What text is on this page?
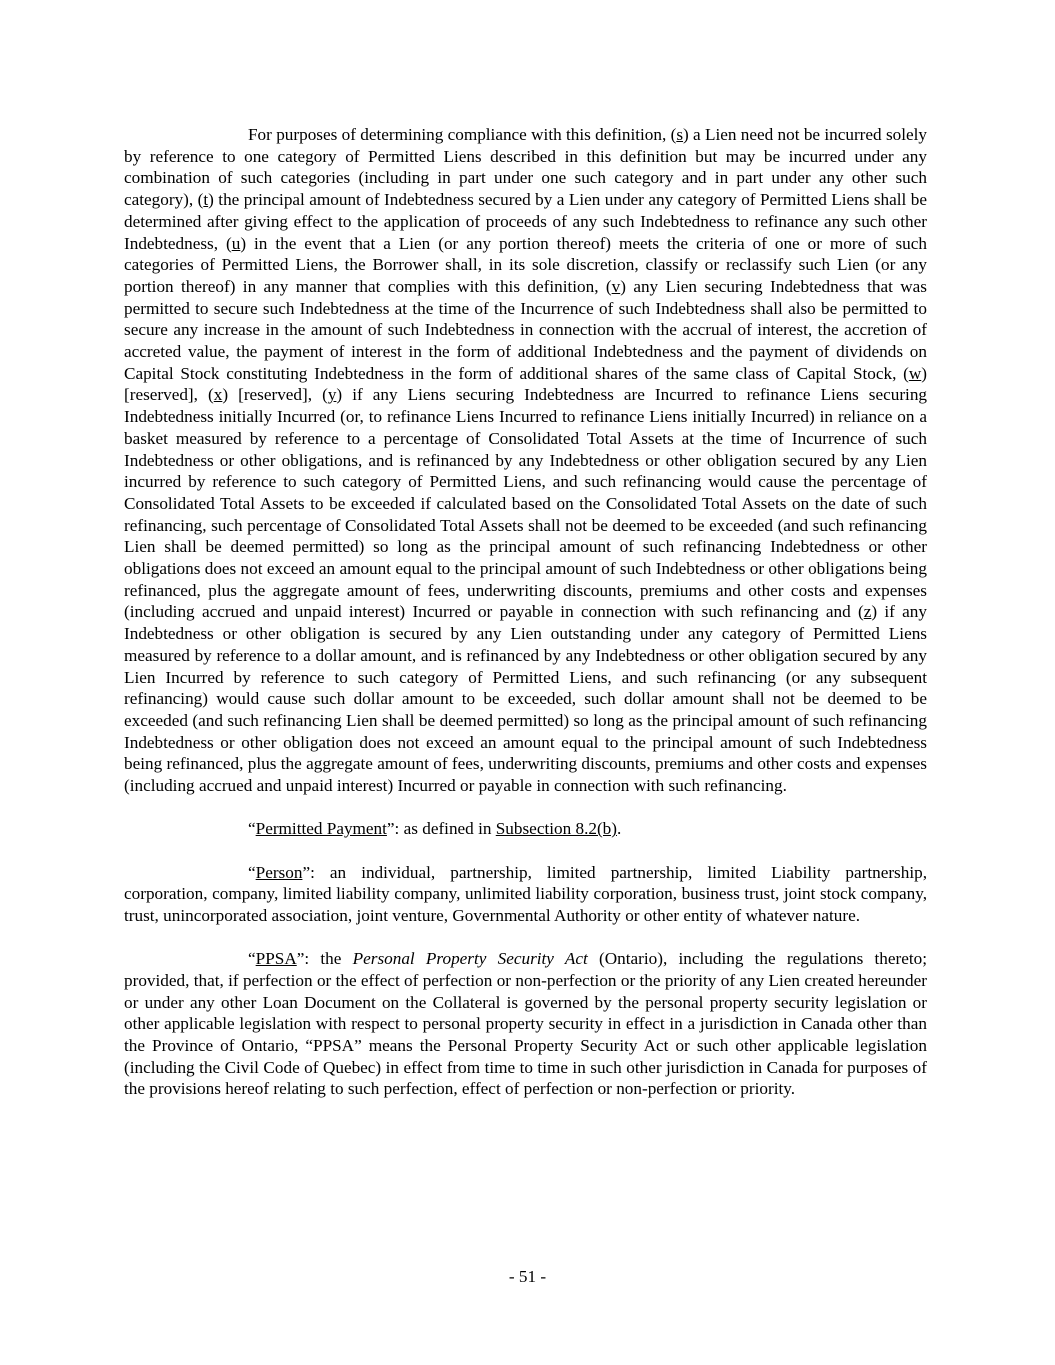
For purposes of determining compliance with this definition, (s) a Lien need not be incurred solely by reference to one category of Permitted Liens described in this definition but may be incurred under any combination of such categories (including in part under one such category and in part under any other such category), (t) the principal amount of Indebtedness secured by a Lien under any category of Permitted Liens shall be determined after giving effect to the application of proceeds of any such Indebtedness to refinance any such other Indebtedness, (u) in the event that a Lien (or any portion thereof) meets the criteria of one or more of such categories of Permitted Liens, the Borrower shall, in its sole discretion, classify or reclassify such Lien (or any portion thereof) in any manner that complies with this definition, (v) any Lien securing Indebtedness that was permitted to secure such Indebtedness at the time of the Incurrence of such Indebtedness shall also be permitted to secure any increase in the amount of such Indebtedness in connection with the accrual of interest, the accretion of accreted value, the payment of interest in the form of additional Indebtedness and the payment of dividends on Capital Stock constituting Indebtedness in the form of additional shares of the same class of Capital Stock, (w) [reserved], (x) [reserved], (y) if any Liens securing Indebtedness are Incurred to refinance Liens securing Indebtedness initially Incurred (or, to refinance Liens Incurred to refinance Liens initially Incurred) in reliance on a basket measured by reference to a percentage of Consolidated Total Assets at the time of Incurrence of such Indebtedness or other obligations, and is refinanced by any Indebtedness or other obligation secured by any Lien incurred by reference to such category of Permitted Liens, and such refinancing would cause the percentage of Consolidated Total Assets to be exceeded if calculated based on the Consolidated Total Assets on the date of such refinancing, such percentage of Consolidated Total Assets shall not be deemed to be exceeded (and such refinancing Lien shall be deemed permitted) so long as the principal amount of such refinancing Indebtedness or other obligations does not exceed an amount equal to the principal amount of such Indebtedness or other obligations being refinanced, plus the aggregate amount of fees, underwriting discounts, premiums and other costs and expenses (including accrued and unpaid interest) Incurred or payable in connection with such refinancing and (z) if any Indebtedness or other obligation is secured by any Lien outstanding under any category of Permitted Liens measured by reference to a dollar amount, and is refinanced by any Indebtedness or other obligation secured by any Lien Incurred by reference to such category of Permitted Liens, and such refinancing (or any subsequent refinancing) would cause such dollar amount to be exceeded, such dollar amount shall not be deemed to be exceeded (and such refinancing Lien shall be deemed permitted) so long as the principal amount of such refinancing Indebtedness or other obligation does not exceed an amount equal to the principal amount of such Indebtedness being refinanced, plus the aggregate amount of fees, underwriting discounts, premiums and other costs and expenses (including accrued and unpaid interest) Incurred or payable in connection with such refinancing.

“Permitted Payment”: as defined in Subsection 8.2(b).

“Person”: an individual, partnership, limited partnership, limited Liability partnership, corporation, company, limited liability company, unlimited liability corporation, business trust, joint stock company, trust, unincorporated association, joint venture, Governmental Authority or other entity of whatever nature.

“PPSA”: the Personal Property Security Act (Ontario), including the regulations thereto; provided, that, if perfection or the effect of perfection or non-perfection or the priority of any Lien created hereunder or under any other Loan Document on the Collateral is governed by the personal property security legislation or other applicable legislation with respect to personal property security in effect in a jurisdiction in Canada other than the Province of Ontario, “PPSA” means the Personal Property Security Act or such other applicable legislation (including the Civil Code of Quebec) in effect from time to time in such other jurisdiction in Canada for purposes of the provisions hereof relating to such perfection, effect of perfection or non-perfection or priority.

- 51 -
